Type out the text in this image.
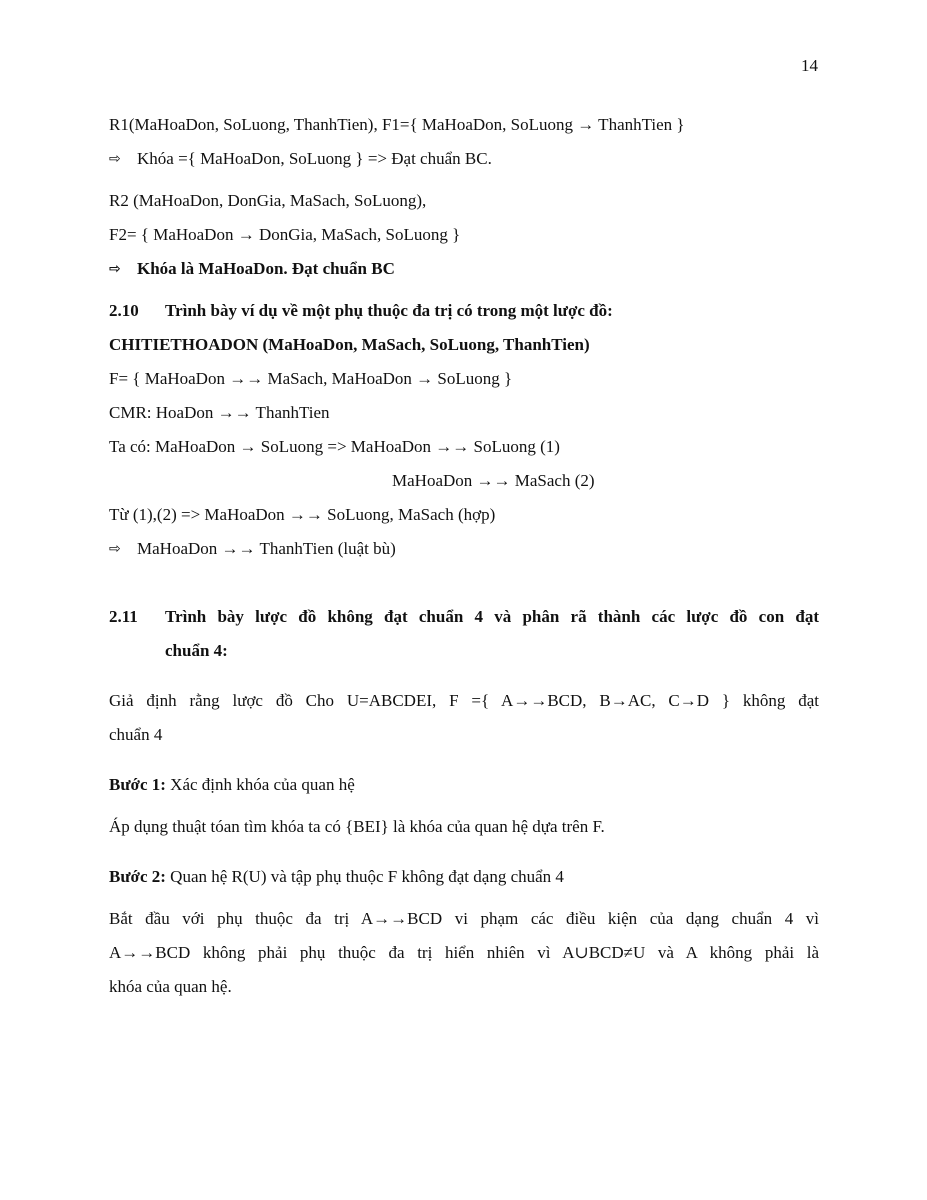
14
R1(MaHoaDon, SoLuong, ThanhTien), F1={ MaHoaDon, SoLuong → ThanhTien }
⇨ Khóa ={ MaHoaDon, SoLuong } => Đạt chuẩn BC.
R2 (MaHoaDon, DonGia, MaSach, SoLuong),
F2= { MaHoaDon → DonGia, MaSach, SoLuong }
⇨ Khóa là MaHoaDon. Đạt chuẩn BC
2.10	Trình bày ví dụ về một phụ thuộc đa trị có trong một lược đồ:
CHITIETHOADON (MaHoaDon, MaSach, SoLuong, ThanhTien)
F= { MaHoaDon →→ MaSach, MaHoaDon → SoLuong }
CMR: HoaDon →→ ThanhTien
Ta có: MaHoaDon → SoLuong => MaHoaDon →→ SoLuong (1)
MaHoaDon →→ MaSach (2)
Từ (1),(2) => MaHoaDon →→ SoLuong, MaSach (hợp)
⇨ MaHoaDon →→ ThanhTien (luật bù)
2.11	Trình bày lược đồ không đạt chuẩn 4 và phân rã thành các lược đồ con đạt
chuẩn 4:
Giả định rằng lược đồ Cho U=ABCDEI, F ={ A→→BCD, B→AC, C→D } không đạt
chuẩn 4
Bước 1: Xác định khóa của quan hệ
Áp dụng thuật tóan tìm khóa ta có {BEI} là khóa của quan hệ dựa trên F.
Bước 2: Quan hệ R(U) và tập phụ thuộc F không đạt dạng chuẩn 4
Bắt đầu với phụ thuộc đa trị A→→BCD vi phạm các điều kiện của dạng chuẩn 4 vì
A→→BCD không phải phụ thuộc đa trị hiển nhiên vì A∪BCD≠U và A không phải là
khóa của quan hệ.
